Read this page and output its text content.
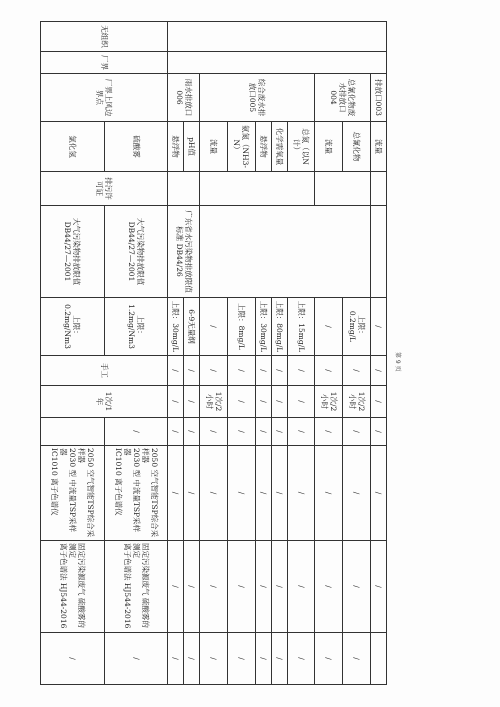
		排放口003	流量			/	/	/	/	/	/	
		总氰化物废水排放口004	总氰化物			上限：0.2mg/L	/	1次/2小时	/	/	/	/
			流量			/	/	1次/2小时	/	/	/	/
		综合废水排放口005	总氮（以N计）			上限：15mg/L	/	/	/	/	/	/
			化学需氧量			上限：80mg/L	/	/	/	/	/	/
			悬浮物			上限：30mg/L	/	/	/	/	/	/
			氨氮（NH3-N）			上限：8mg/L	/	/	/	/	/	/
			流量			/	/	1次/2小时	/	/	/	/
		雨水排放口006	pH值		广东省水污染物排放限值标准 DB44/26	6-9无量纲	/	/	/	/	/	/
			悬浮物			上限：30mg/L	/	/	/	/	/	/
无组织	厂界	厂界上风边界点	硫酸雾	排污许可证	大气污染物排放限值DB44/27—2001	上限：1.2mg/Nm3	手工	1次/1年	/	2050 空气智能TSP综合采样器
2030 型 中流量TSP采样器
IC1010 离子色谱仪	固定污染源废气 硫酸雾的测定
离子色谱法 HJ544-2016	/
			氯化氢		大气污染物排放限值DB44/27—2001	上限：0.2mg/Nm3				2050 空气智能TSP综合采样器
2030 型 中流量TSP采样器
IC1010 离子色谱仪	固定污染源废气 硫酸雾的测定
离子色谱法 HJ544-2016	/
第 9 页
